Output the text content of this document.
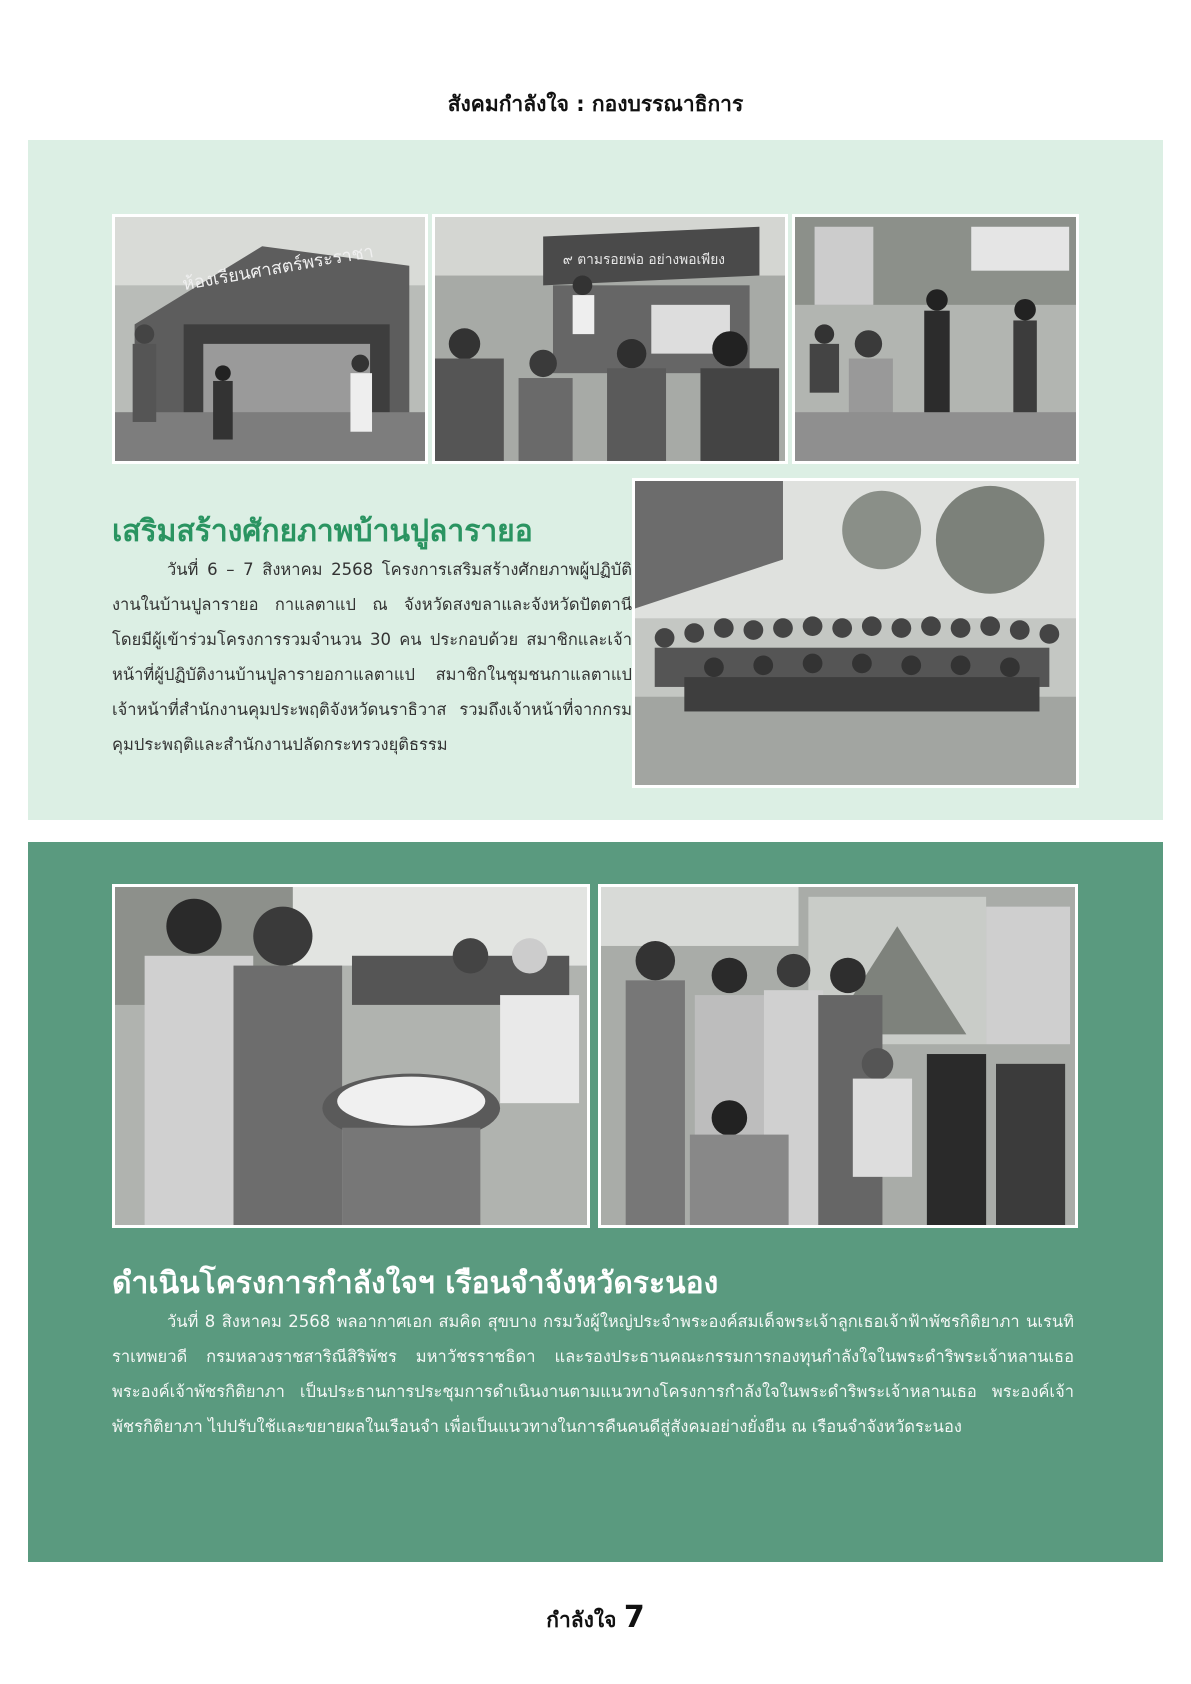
สังคมกำลังใจ : กองบรรณาธิการ
ห้องเรียนศาสตร์พระราชา	๙ ตามรอยพ่อ อย่างพอเพียง
เสริมสร้างศักยภาพบ้านปูลารายอ
วันที่ 6 – 7 สิงหาคม 2568 โครงการเสริมสร้างศักยภาพผู้ปฏิบัติงานในบ้านปูลารายอ กาแลตาแป ณ จังหวัดสงขลาและจังหวัดปัตตานี โดยมีผู้เข้าร่วมโครงการรวมจำนวน 30 คน ประกอบด้วย สมาชิกและเจ้าหน้าที่ผู้ปฏิบัติงานบ้านปูลารายอกาแลตาแป สมาชิกในชุมชนกาแลตาแป เจ้าหน้าที่สำนักงานคุมประพฤติจังหวัดนราธิวาส รวมถึงเจ้าหน้าที่จากกรมคุมประพฤติและสำนักงานปลัดกระทรวงยุติธรรม
ดำเนินโครงการกำลังใจฯ เรือนจำจังหวัดระนอง
วันที่ 8 สิงหาคม 2568 พลอากาศเอก สมคิด สุขบาง กรมวังผู้ใหญ่ประจำพระองค์สมเด็จพระเจ้าลูกเธอเจ้าฟ้าพัชรกิติยาภา นเรนทิราเทพยวดี กรมหลวงราชสาริณีสิริพัชร มหาวัชรราชธิดา และรองประธานคณะกรรมการกองทุนกำลังใจในพระดำริพระเจ้าหลานเธอ พระองค์เจ้าพัชรกิติยาภา เป็นประธานการประชุมการดำเนินงานตามแนวทางโครงการกำลังใจในพระดำริพระเจ้าหลานเธอ พระองค์เจ้าพัชรกิติยาภา ไปปรับใช้และขยายผลในเรือนจำ เพื่อเป็นแนวทางในการคืนคนดีสู่สังคมอย่างยั่งยืน ณ เรือนจำจังหวัดระนอง
กำลังใจ 7
